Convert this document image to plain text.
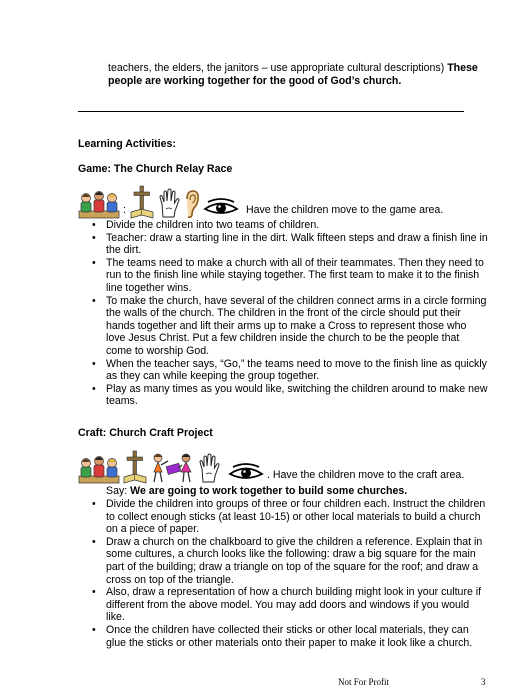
teachers, the elders, the janitors – use appropriate cultural descriptions) These people are working together for the good of God’s church.
Learning Activities:
Game: The Church Relay Race
:	Have the children move to the game area.
• Divide the children into two teams of children.
• Teacher: draw a starting line in the dirt. Walk fifteen steps and draw a finish line in the dirt.
• The teams need to make a church with all of their teammates. Then they need to run to the finish line while staying together. The first team to make it to the finish line together wins.
• To make the church, have several of the children connect arms in a circle forming the walls of the church. The children in the front of the circle should put their hands together and lift their arms up to make a Cross to represent those who love Jesus Christ. Put a few children inside the church to be the people that come to worship God.
• When the teacher says, “Go,” the teams need to move to the finish line as quickly as they can while keeping the group together.
• Play as many times as you would like, switching the children around to make new teams.
Craft: Church Craft Project
. Have the children move to the craft area.
Say: We are going to work together to build some churches.
• Divide the children into groups of three or four children each. Instruct the children to collect enough sticks (at least 10-15) or other local materials to build a church on a piece of paper.
• Draw a church on the chalkboard to give the children a reference. Explain that in some cultures, a church looks like the following: draw a big square for the main part of the building; draw a triangle on top of the square for the roof; and draw a cross on top of the triangle.
• Also, draw a representation of how a church building might look in your culture if different from the above model. You may add doors and windows if you would like.
• Once the children have collected their sticks or other local materials, they can glue the sticks or other materials onto their paper to make it look like a church.
Not For Profit	3
